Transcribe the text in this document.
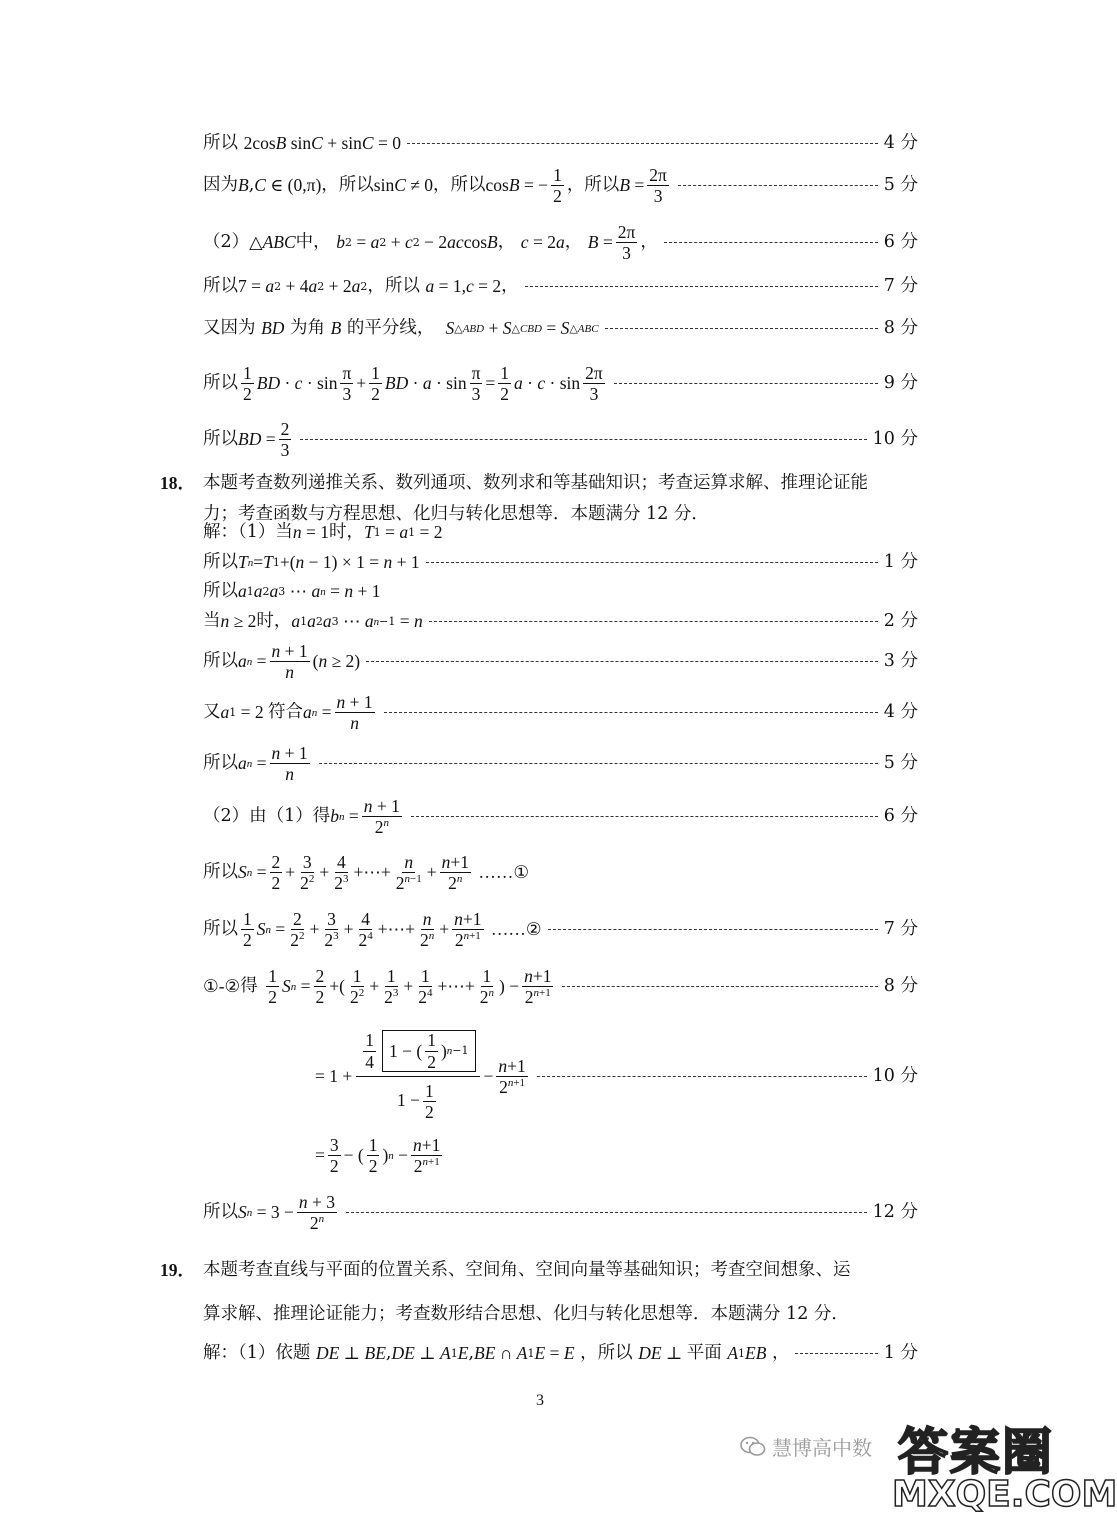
所以
2cos B sin C + sin C = 0	4 分
因为 B , C ∈ (0,π) ，所以 sin C ≠ 0 ，所以 cos B = − $\frac{1}{2}$ ，所以 $B = \frac{2\pi}{3}$	5 分
（2） △ ABC 中，
b 2 = a 2 + c 2 − 2 ac cos B ， c = 2 a ， $B = \frac{2\pi}{3}$ ，	6 分
所以 7 = a 2 + 4 a 2 + 2 a 2 ，所以 a = 1, c = 2 ，	7 分
又因为
BD
为角
B
的平分线，
S △ABD + S △CBD = S △ABC	8 分
所以 $\frac{1}{2}$ BD · $c \cdot \sin \frac{\pi}{3} + \frac{1}{2}$ BD · $a \cdot \sin \frac{\pi}{3} = \frac{1}{2}$ $a \cdot c \cdot \sin \frac{2\pi}{3}$	9 分
所以 BD = $\frac{2}{3}$	10 分
18． 本题考查数列递推关系、数列通项、数列求和等基础知识；考查运算求解、推理论证能
力；考查函数与方程思想、化归与转化思想等．本题满分 12 分．
解：（1）当 n = 1 时， T 1 = a 1 = 2
所以 T n = T 1 +( n − 1) × 1 = n + 1	1 分
所以 a 1 a 2 a 3 ⋯ a n = n + 1
当 n ≥ 2 时， a 1 a 2 a 3 ⋯ a n−1 = n	2 分
所以 a $n = \frac{n + 1}{n}$ ( n ≥ 2)	3 分
又 a 1 = 2 符合 a $n = \frac{n + 1}{n}$	4 分
所以 a $n = \frac{n + 1}{n}$	5 分
（2）由（1）得 b $n = \frac{n + 1}{2^n}$	6 分
所以 S $n = \frac{2}{2} + \frac{3}{2^2} + \frac{4}{2^3}$ +⋯+ $\frac{n}{2^{n-1}} + \frac{n+1}{2^n}$ ……①
所以 $\frac{1}{2}$ S $n = \frac{2}{2^2} + \frac{3}{2^3} + \frac{4}{2^4}$ +⋯+ $\frac{n}{2^n} + \frac{n+1}{2^{n+1}}$ ……②	7 分
①-② 得
$\frac{1}{2}$ S $n = \frac{2}{2}$ +( $\frac{1}{2^2} + \frac{1}{2^3} + \frac{1}{2^4}$ +⋯+ $\frac{1}{2^n}$ ) − $\frac{n+1}{2^{n+1}}$	8 分
= $1 + \frac{\frac{1}{4} 1 - ( \frac{1}{2} ) n-1}{1 - \frac{1}{2}} - \frac{n+1}{2^{n+1}}$	10 分
= $\frac{3}{2}$ − ( $\frac{1}{2}$ ) $n - \frac{n+1}{2^{n+1}}$
所以 S $n = 3 - \frac{n + 3}{2^n}$	12 分
19． 本题考查直线与平面的位置关系、空间角、空间向量等基础知识；考查空间想象、运
算求解、推理论证能力；考查数形结合思想、化归与转化思想等．本题满分 12 分．
解：（1）依题
DE ⊥ BE , DE ⊥ A 1 E , BE ∩ A 1 E = E
，所以
DE ⊥ 平面
A 1 EB ，	1 分
3
慧博高中数 答案圈
MXQE.COM
